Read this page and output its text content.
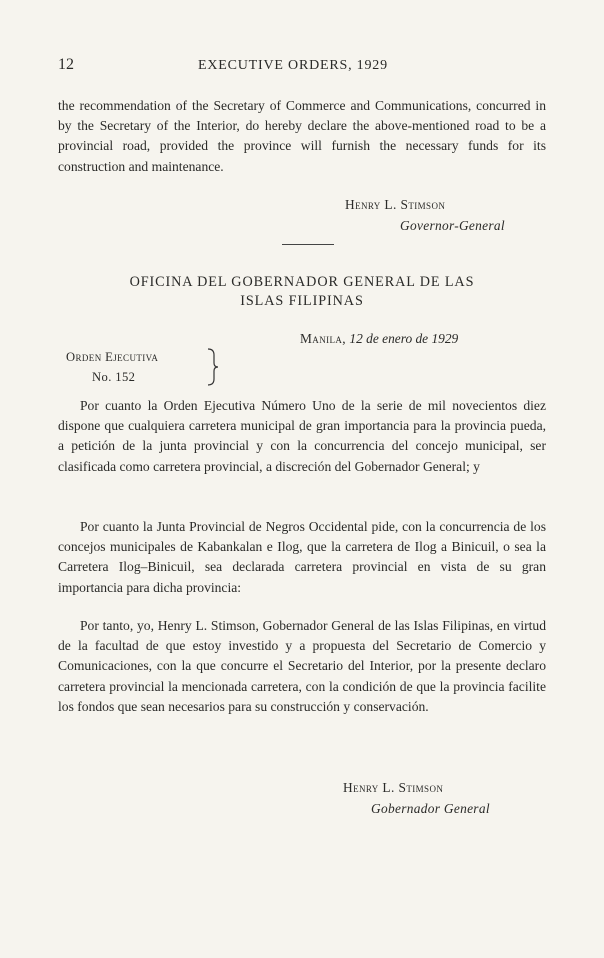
12	EXECUTIVE ORDERS, 1929
the recommendation of the Secretary of Commerce and Communications, concurred in by the Secretary of the Interior, do hereby declare the above-mentioned road to be a provincial road, provided the province will furnish the necessary funds for its construction and maintenance.
Henry L. Stimson
Governor-General
OFICINA DEL GOBERNADOR GENERAL DE LAS
ISLAS FILIPINAS
Manila, 12 de enero de 1929
Orden Ejecutiva
No. 152
Por cuanto la Orden Ejecutiva Número Uno de la serie de mil novecientos diez dispone que cualquiera carretera municipal de gran importancia para la provincia pueda, a petición de la junta provincial y con la concurrencia del concejo municipal, ser clasificada como carretera provincial, a discreción del Gobernador General; y
Por cuanto la Junta Provincial de Negros Occidental pide, con la concurrencia de los concejos municipales de Kabankalan e Ilog, que la carretera de Ilog a Binicuil, o sea la Carretera Ilog–Binicuil, sea declarada carretera provincial en vista de su gran importancia para dicha provincia:
Por tanto, yo, Henry L. Stimson, Gobernador General de las Islas Filipinas, en virtud de la facultad de que estoy investido y a propuesta del Secretario de Comercio y Comunicaciones, con la que concurre el Secretario del Interior, por la presente declaro carretera provincial la mencionada carretera, con la condición de que la provincia facilite los fondos que sean necesarios para su construcción y conservación.
Henry L. Stimson
Gobernador General
